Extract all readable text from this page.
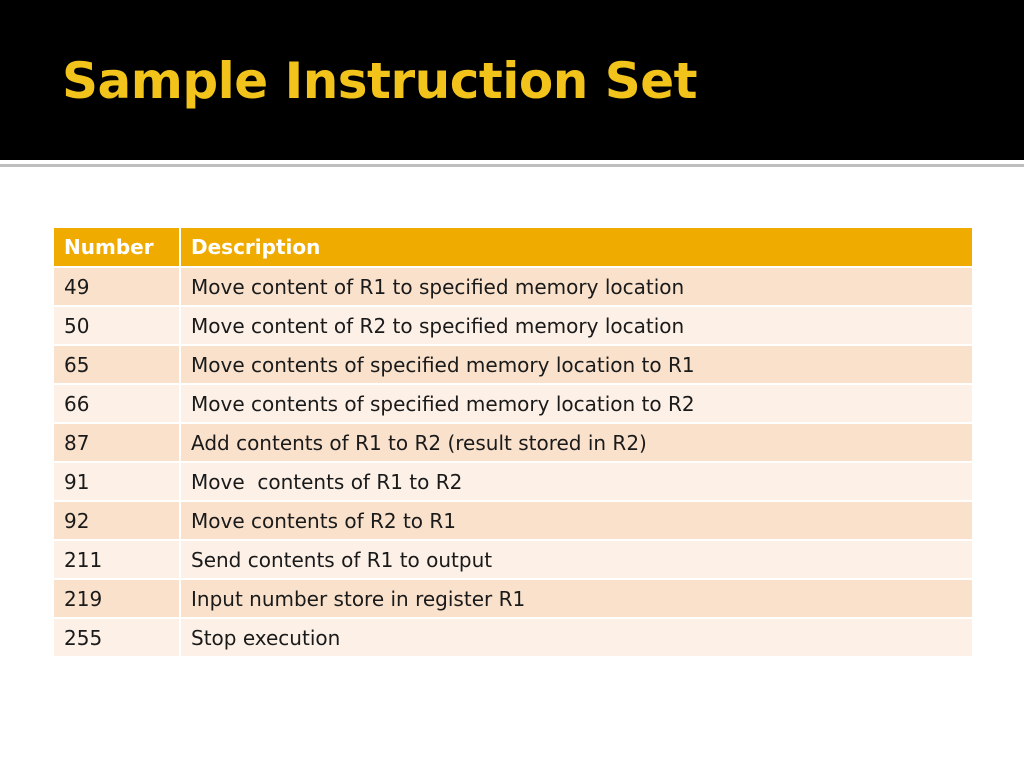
Sample Instruction Set
Number	Description
49	Move content of R1 to specified memory location
50	Move content of R2 to specified memory location
65	Move contents of specified memory location to R1
66	Move contents of specified memory location to R2
87	Add contents of R1 to R2 (result stored in R2)
91	Move  contents of R1 to R2
92	Move contents of R2 to R1
211	Send contents of R1 to output
219	Input number store in register R1
255	Stop execution
